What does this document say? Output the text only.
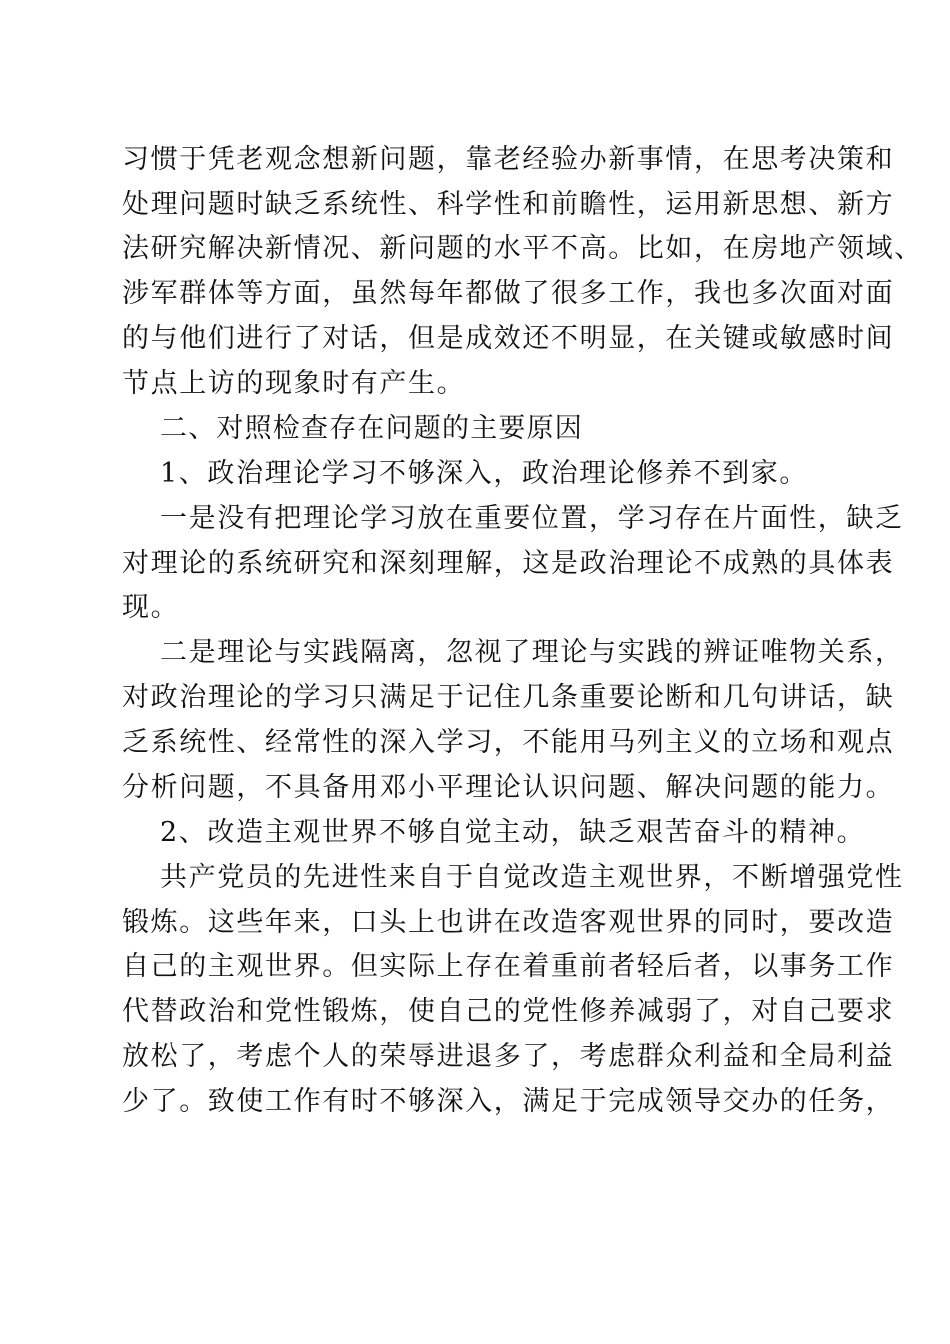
习惯于凭老观念想新问题，靠老经验办新事情，在思考决策和
处理问题时缺乏系统性、科学性和前瞻性，运用新思想、新方
法研究解决新情况、新问题的水平不高。比如，在房地产领域、
涉军群体等方面，虽然每年都做了很多工作，我也多次面对面
的与他们进行了对话，但是成效还不明显，在关键或敏感时间
节点上访的现象时有产生。
二、对照检查存在问题的主要原因
1、政治理论学习不够深入，政治理论修养不到家。
一是没有把理论学习放在重要位置，学习存在片面性，缺乏
对理论的系统研究和深刻理解，这是政治理论不成熟的具体表
现。
二是理论与实践隔离，忽视了理论与实践的辨证唯物关系，
对政治理论的学习只满足于记住几条重要论断和几句讲话，缺
乏系统性、经常性的深入学习，不能用马列主义的立场和观点
分析问题，不具备用邓小平理论认识问题、解决问题的能力。
2、改造主观世界不够自觉主动，缺乏艰苦奋斗的精神。
共产党员的先进性来自于自觉改造主观世界，不断增强党性
锻炼。这些年来，口头上也讲在改造客观世界的同时，要改造
自己的主观世界。但实际上存在着重前者轻后者，以事务工作
代替政治和党性锻炼，使自己的党性修养减弱了，对自己要求
放松了，考虑个人的荣辱进退多了，考虑群众利益和全局利益
少了。致使工作有时不够深入，满足于完成领导交办的任务，
